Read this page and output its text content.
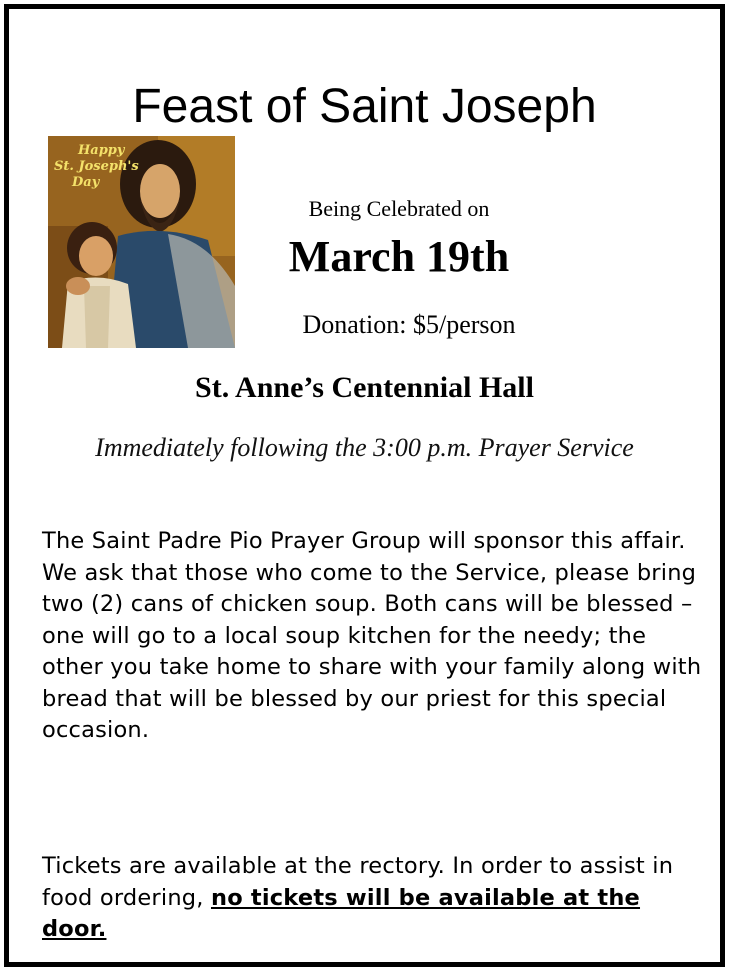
Feast of Saint Joseph
Happy
St. Joseph's
Day
Being Celebrated on
March 19th
Donation: $5/person
St. Anne’s Centennial Hall
Immediately following the 3:00 p.m. Prayer Service
The Saint Padre Pio Prayer Group will sponsor this affair. We ask that those who come to the Service, please bring two (2) cans of chicken soup. Both cans will be blessed – one will go to a local soup kitchen for the needy; the other you take home to share with your family along with bread that will be blessed by our priest for this special occasion.
Tickets are available at the rectory. In order to assist in food ordering, no tickets will be available at the door.
